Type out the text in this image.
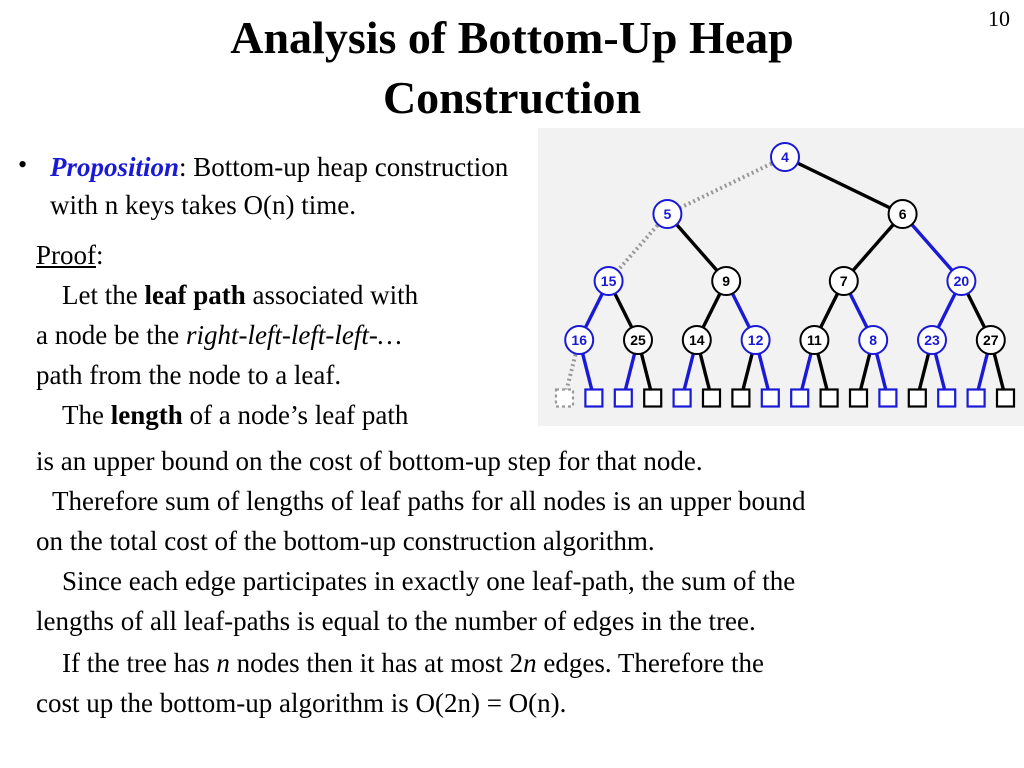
10
Analysis of Bottom-Up Heap
Construction
• Proposition: Bottom-up heap construction
with n keys takes O(n) time.
Proof:
Let the leaf path associated with
a node be the right-left-left-left-…
path from the node to a leaf.
The length of a node’s leaf path
is an upper bound on the cost of bottom-up step for that node.
Therefore sum of lengths of leaf paths for all nodes is an upper bound
on the total cost of the bottom-up construction algorithm.
Since each edge participates in exactly one leaf-path, the sum of the
lengths of all leaf-paths is equal to the number of edges in the tree.
If the tree has n nodes then it has at most 2n edges. Therefore the
cost up the bottom-up algorithm is O(2n) = O(n).
4
5	6
15	9	7	20
16	25	14	12	11	8	23	27
